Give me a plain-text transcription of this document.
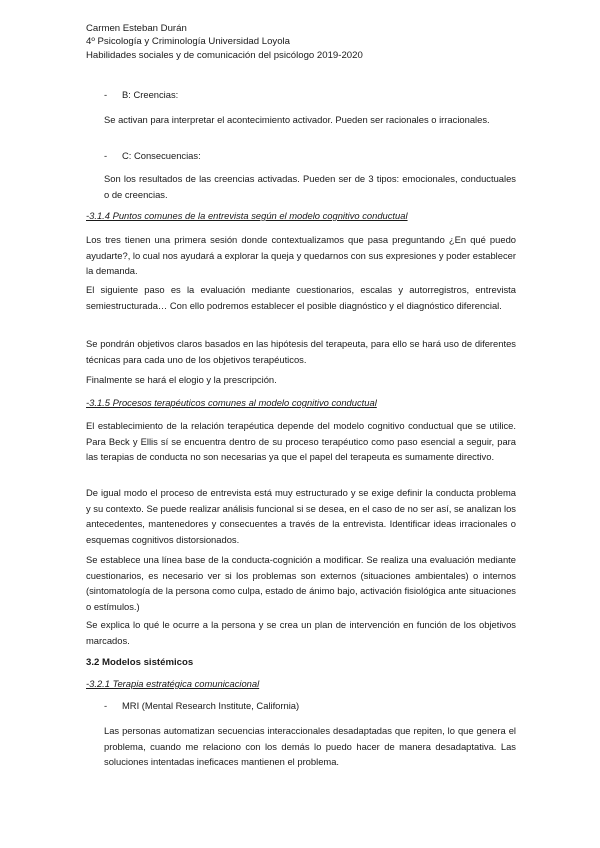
Carmen Esteban Durán
4º Psicología y Criminología Universidad Loyola
Habilidades sociales y de comunicación del psicólogo 2019-2020
- B: Creencias:
Se activan para interpretar el acontecimiento activador. Pueden ser racionales o irracionales.
- C: Consecuencias:
Son los resultados de las creencias activadas. Pueden ser de 3 tipos: emocionales, conductuales o de creencias.
-3.1.4 Puntos comunes de la entrevista según el modelo cognitivo conductual
Los tres tienen una primera sesión donde contextualizamos que pasa preguntando ¿En qué puedo ayudarte?, lo cual nos ayudará a explorar la queja y quedarnos con sus expresiones y poder establecer la demanda.
El siguiente paso es la evaluación mediante cuestionarios, escalas y autorregistros, entrevista semiestructurada… Con ello podremos establecer el posible diagnóstico y el diagnóstico diferencial.
Se pondrán objetivos claros basados en las hipótesis del terapeuta, para ello se hará uso de diferentes técnicas para cada uno de los objetivos terapéuticos.
Finalmente se hará el elogio y la prescripción.
-3.1.5 Procesos terapéuticos comunes al modelo cognitivo conductual
El establecimiento de la relación terapéutica depende del modelo cognitivo conductual que se utilice. Para Beck y Ellis sí se encuentra dentro de su proceso terapéutico como paso esencial a seguir, para las terapias de conducta no son necesarias ya que el papel del terapeuta es sumamente directivo.
De igual modo el proceso de entrevista está muy estructurado y se exige definir la conducta problema y su contexto. Se puede realizar análisis funcional si se desea, en el caso de no ser así, se analizan los antecedentes, mantenedores y consecuentes a través de la entrevista. Identificar ideas irracionales o esquemas cognitivos distorsionados.
Se establece una línea base de la conducta-cognición a modificar. Se realiza una evaluación mediante cuestionarios, es necesario ver si los problemas son externos (situaciones ambientales) o internos (sintomatología de la persona como culpa, estado de ánimo bajo, activación fisiológica ante situaciones o estímulos.)
Se explica lo qué le ocurre a la persona y se crea un plan de intervención en función de los objetivos marcados.
3.2 Modelos sistémicos
-3.2.1 Terapia estratégica comunicacional
- MRI (Mental Research Institute, California)
Las personas automatizan secuencias interaccionales desadaptadas que repiten, lo que genera el problema, cuando me relaciono con los demás lo puedo hacer de manera desadaptativa. Las soluciones intentadas ineficaces mantienen el problema.
